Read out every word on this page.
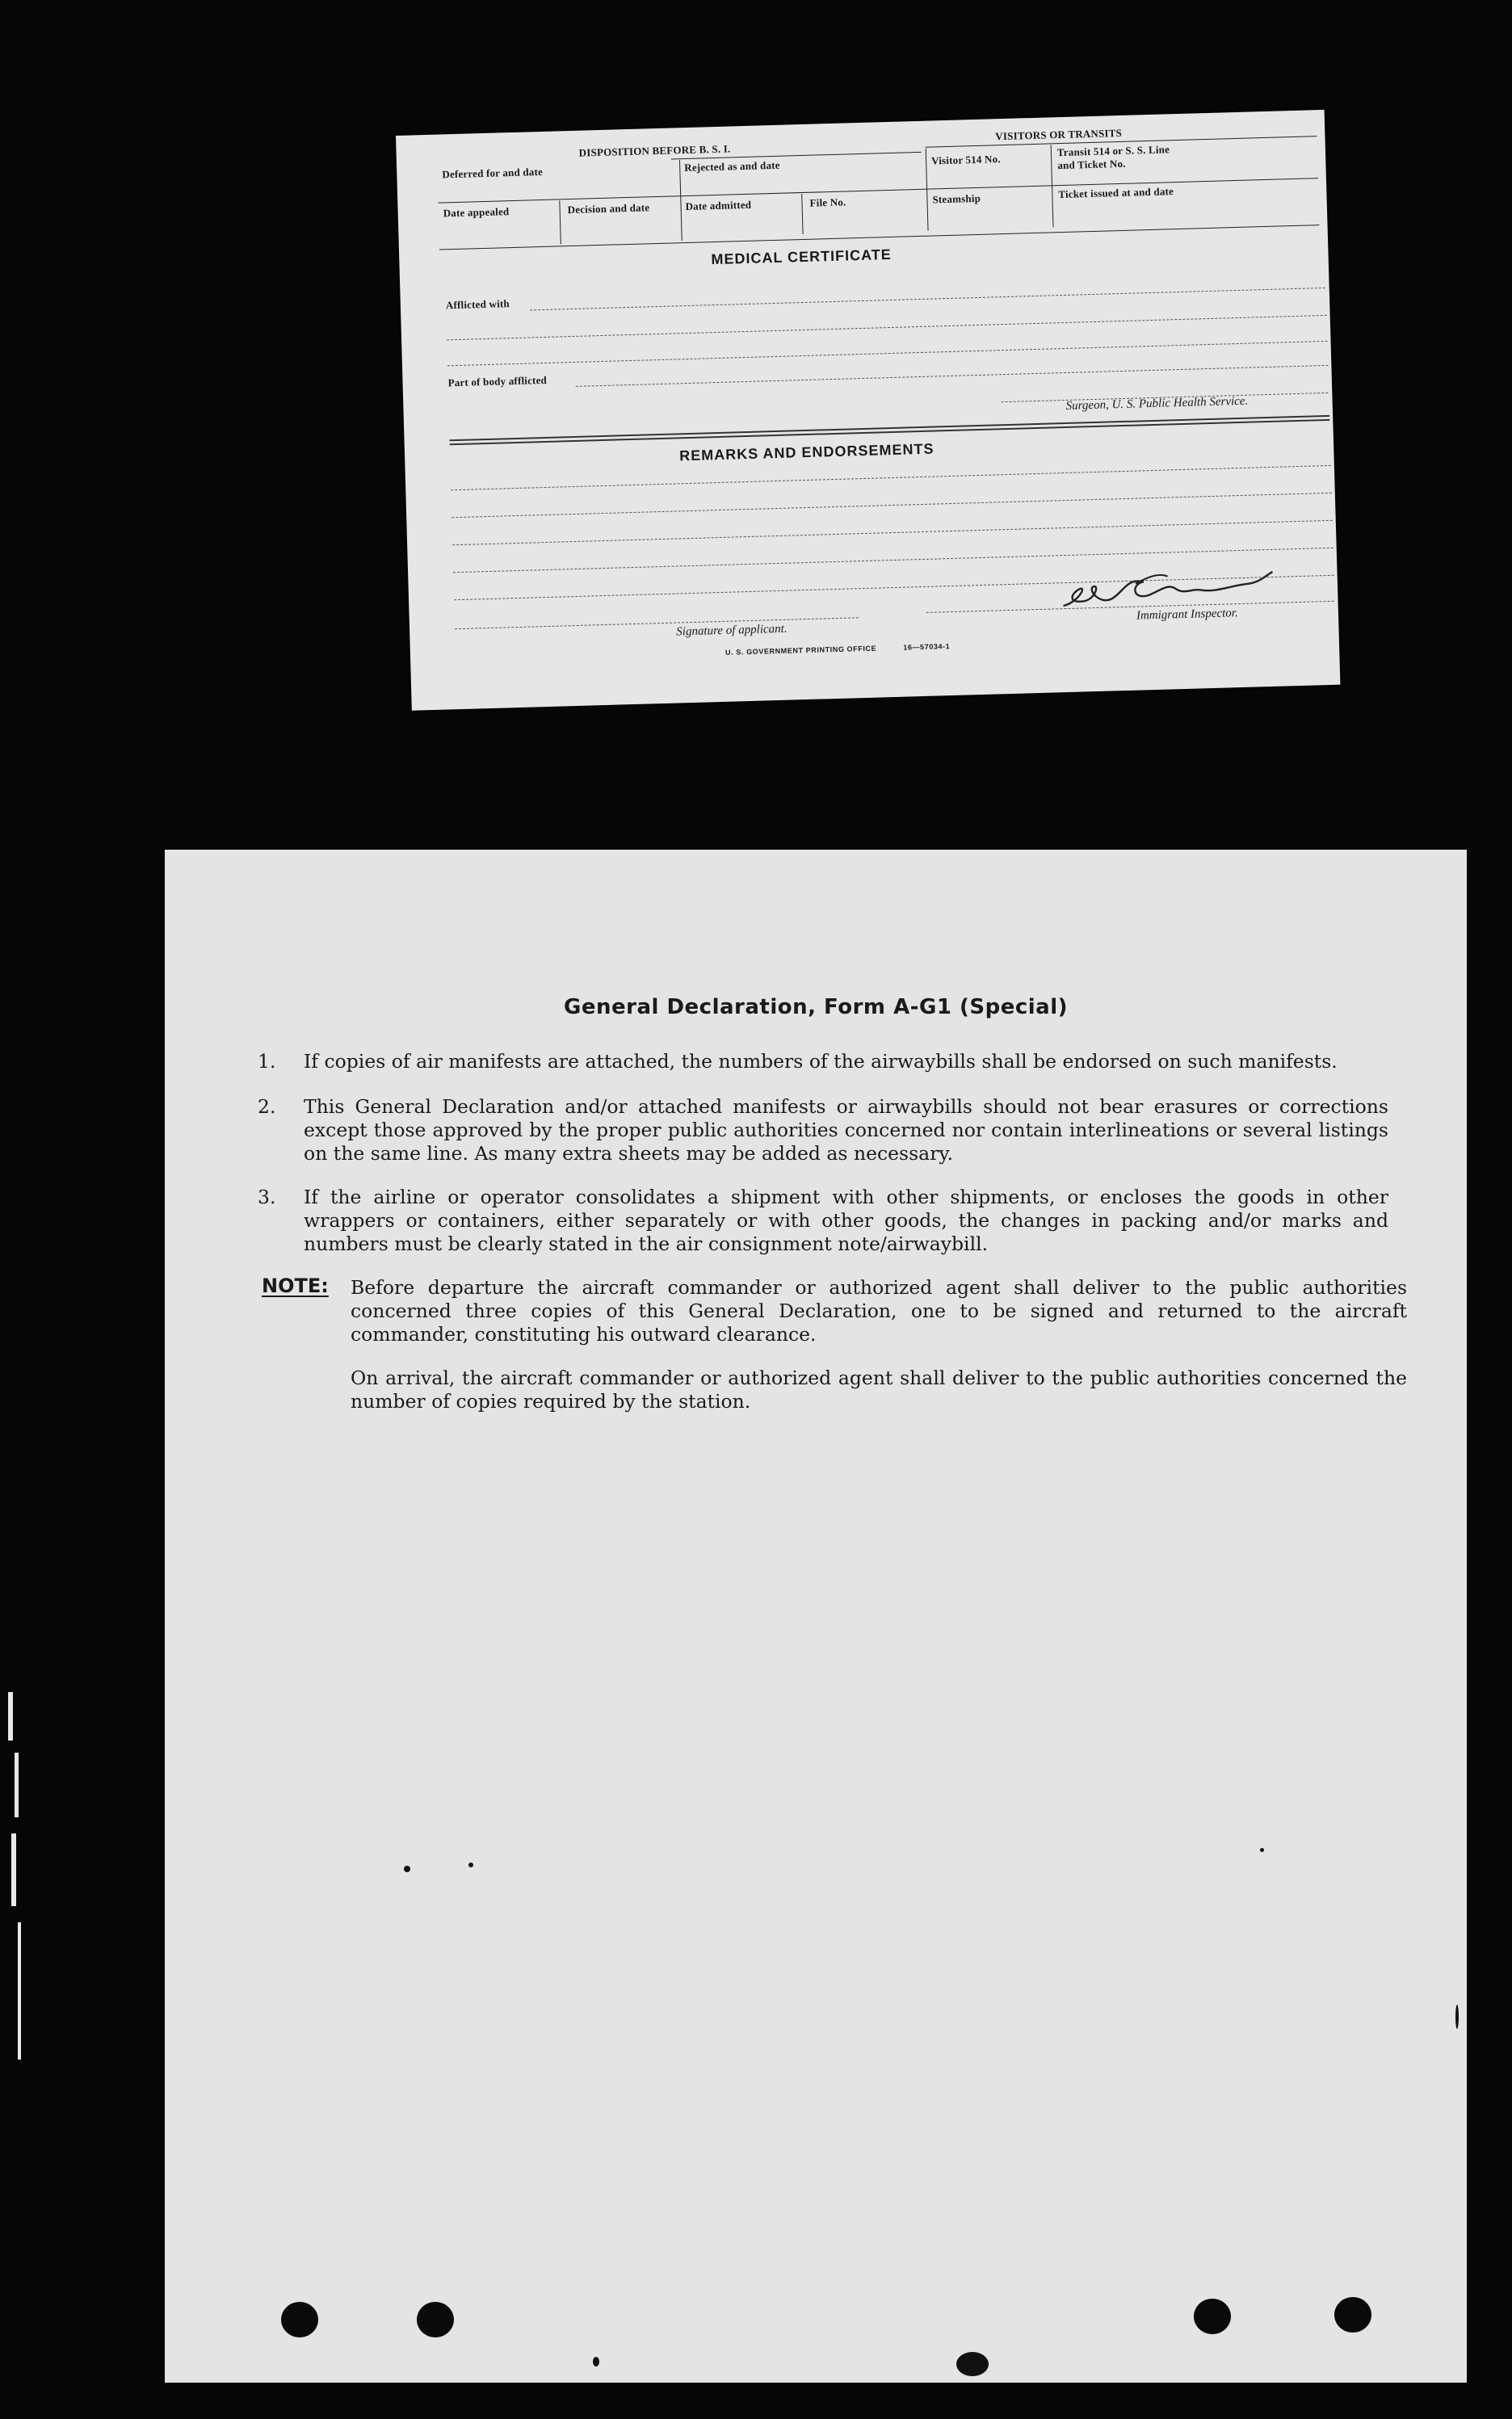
DISPOSITION BEFORE B. S. I.
VISITORS OR TRANSITS
Deferred for and date	Rejected as and date	Visitor 514 No.
Transit 514 or S. S. Line
and Ticket No.
Date appealed	Decision and date	Date admitted	File No.	Steamship	Ticket issued at and date
MEDICAL CERTIFICATE
Afflicted with
Part of body afflicted
Surgeon, U. S. Public Health Service.
REMARKS AND ENDORSEMENTS
Signature of applicant.
Immigrant Inspector.
U. S. GOVERNMENT PRINTING OFFICE	16—57034-1
General Declaration, Form A-G1 (Special)
1.	If copies of air manifests are attached, the numbers of the airwaybills shall be endorsed on such manifests.
2.	This General Declaration and/or attached manifests or airwaybills should not bear erasures or corrections except those approved by the proper public authorities concerned nor contain interlineations or several listings on the same line. As many extra sheets may be added as necessary.
3.	If the airline or operator consolidates a shipment with other shipments, or encloses the goods in other wrappers or containers, either separately or with other goods, the changes in packing and/or marks and numbers must be clearly stated in the air consignment note/airwaybill.
NOTE: Before departure the aircraft commander or authorized agent shall deliver to the public authorities concerned three copies of this General Declaration, one to be signed and returned to the aircraft commander, constituting his outward clearance.
On arrival, the aircraft commander or authorized agent shall deliver to the public authorities concerned the number of copies required by the station.
